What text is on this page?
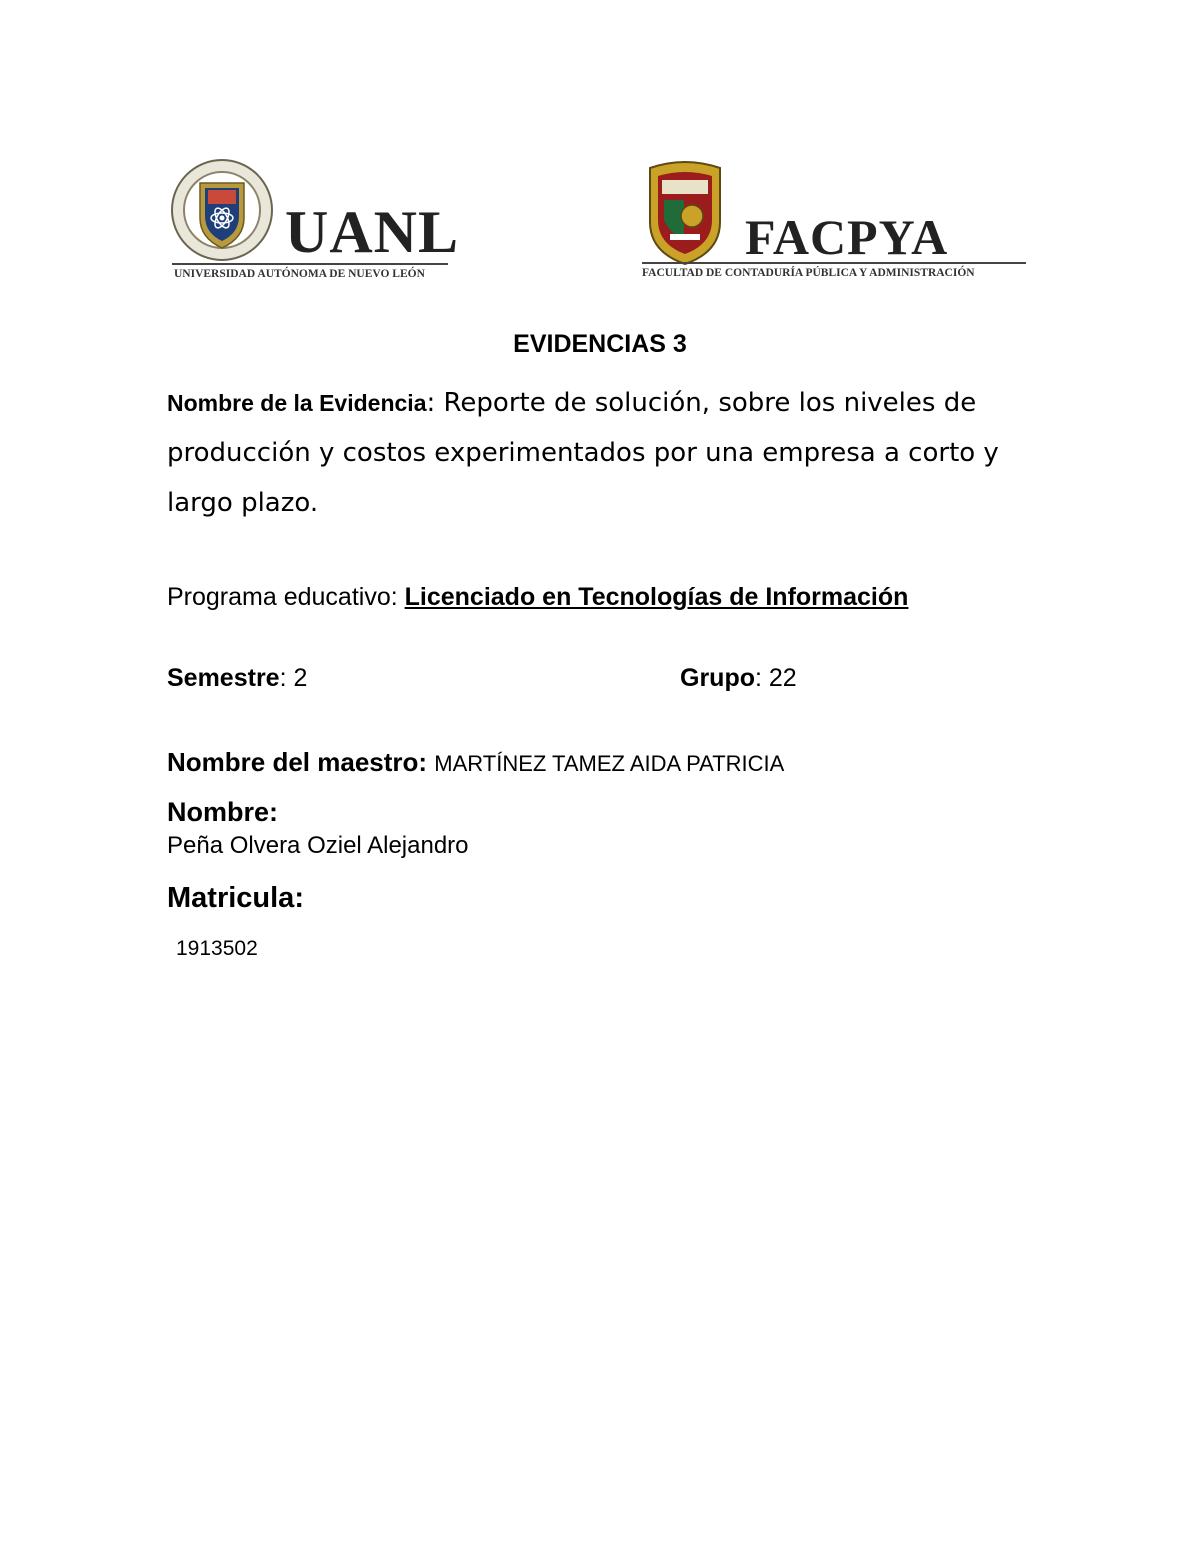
UANL
UNIVERSIDAD AUTÓNOMA DE NUEVO LEÓN
FACPYA
FACULTAD DE CONTADURÍA PÚBLICA Y ADMINISTRACIÓN
EVIDENCIAS 3
Nombre de la Evidencia: Reporte de solución, sobre los niveles de producción y costos experimentados por una empresa a corto y largo plazo.
Programa educativo: Licenciado en Tecnologías de Información
Semestre: 2	Grupo: 22
Nombre del maestro: MARTÍNEZ TAMEZ AIDA PATRICIA
Nombre:
Peña Olvera Oziel Alejandro
Matricula:
1913502
